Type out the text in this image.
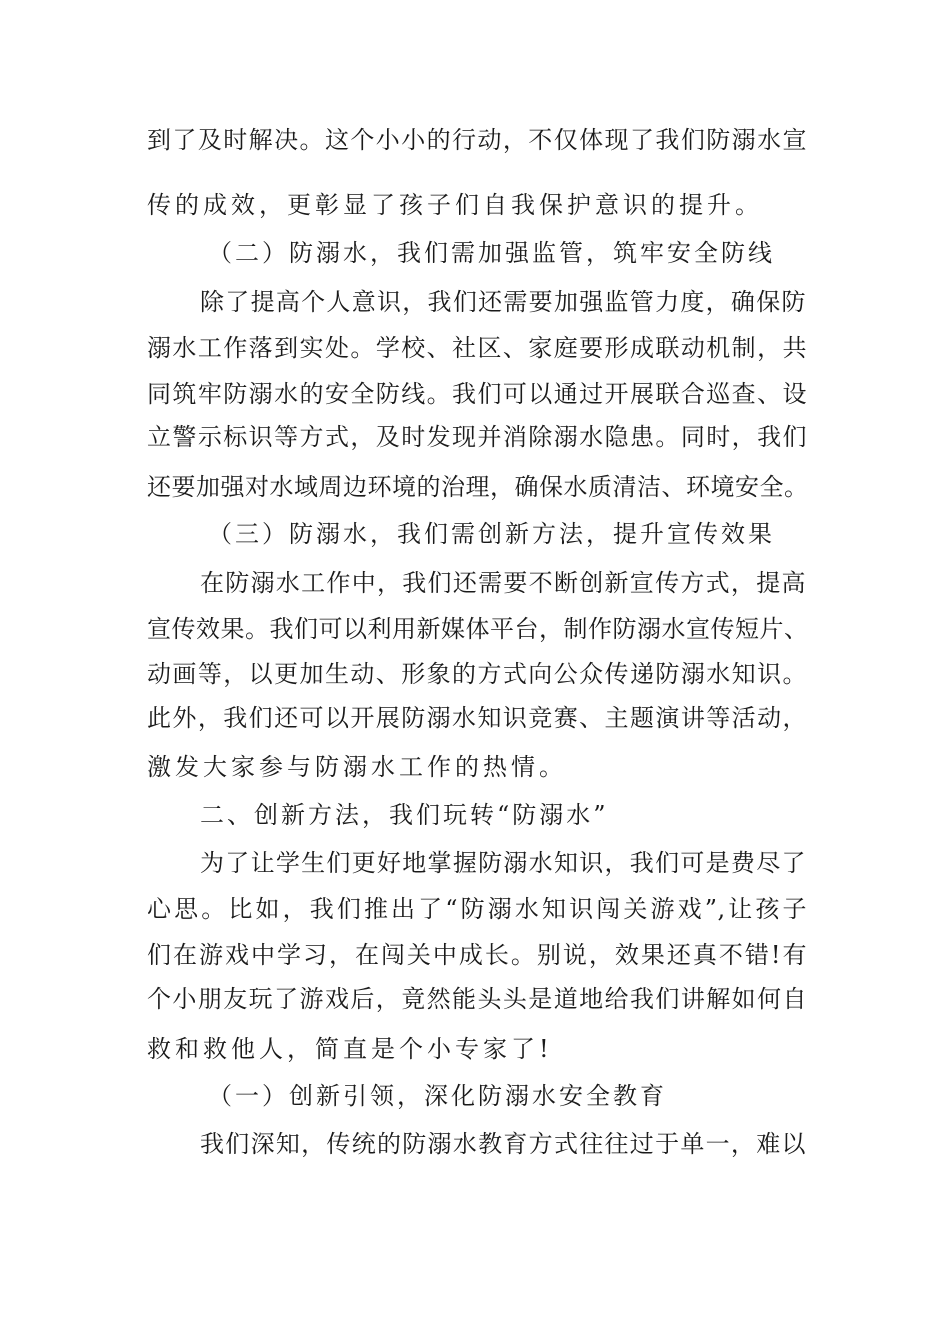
到了及时解决。这个小小的行动，不仅体现了我们防溺水宣
传的成效，更彰显了孩子们自我保护意识的提升。
（二）防溺水，我们需加强监管，筑牢安全防线
除了提高个人意识，我们还需要加强监管力度，确保防
溺水工作落到实处。学校、社区、家庭要形成联动机制，共
同筑牢防溺水的安全防线。我们可以通过开展联合巡查、设
立警示标识等方式，及时发现并消除溺水隐患。同时，我们
还要加强对水域周边环境的治理，确保水质清洁、环境安全。
（三）防溺水，我们需创新方法，提升宣传效果
在防溺水工作中，我们还需要不断创新宣传方式，提高
宣传效果。我们可以利用新媒体平台，制作防溺水宣传短片、
动画等，以更加生动、形象的方式向公众传递防溺水知识。
此外，我们还可以开展防溺水知识竞赛、主题演讲等活动，
激发大家参与防溺水工作的热情。
二、创新方法，我们玩转“防溺水”
为了让学生们更好地掌握防溺水知识，我们可是费尽了
心思。比如，我们推出了“防溺水知识闯关游戏”,让孩子
们在游戏中学习，在闯关中成长。别说，效果还真不错!有
个小朋友玩了游戏后，竟然能头头是道地给我们讲解如何自
救和救他人，简直是个小专家了!
（一）创新引领，深化防溺水安全教育
我们深知，传统的防溺水教育方式往往过于单一，难以
